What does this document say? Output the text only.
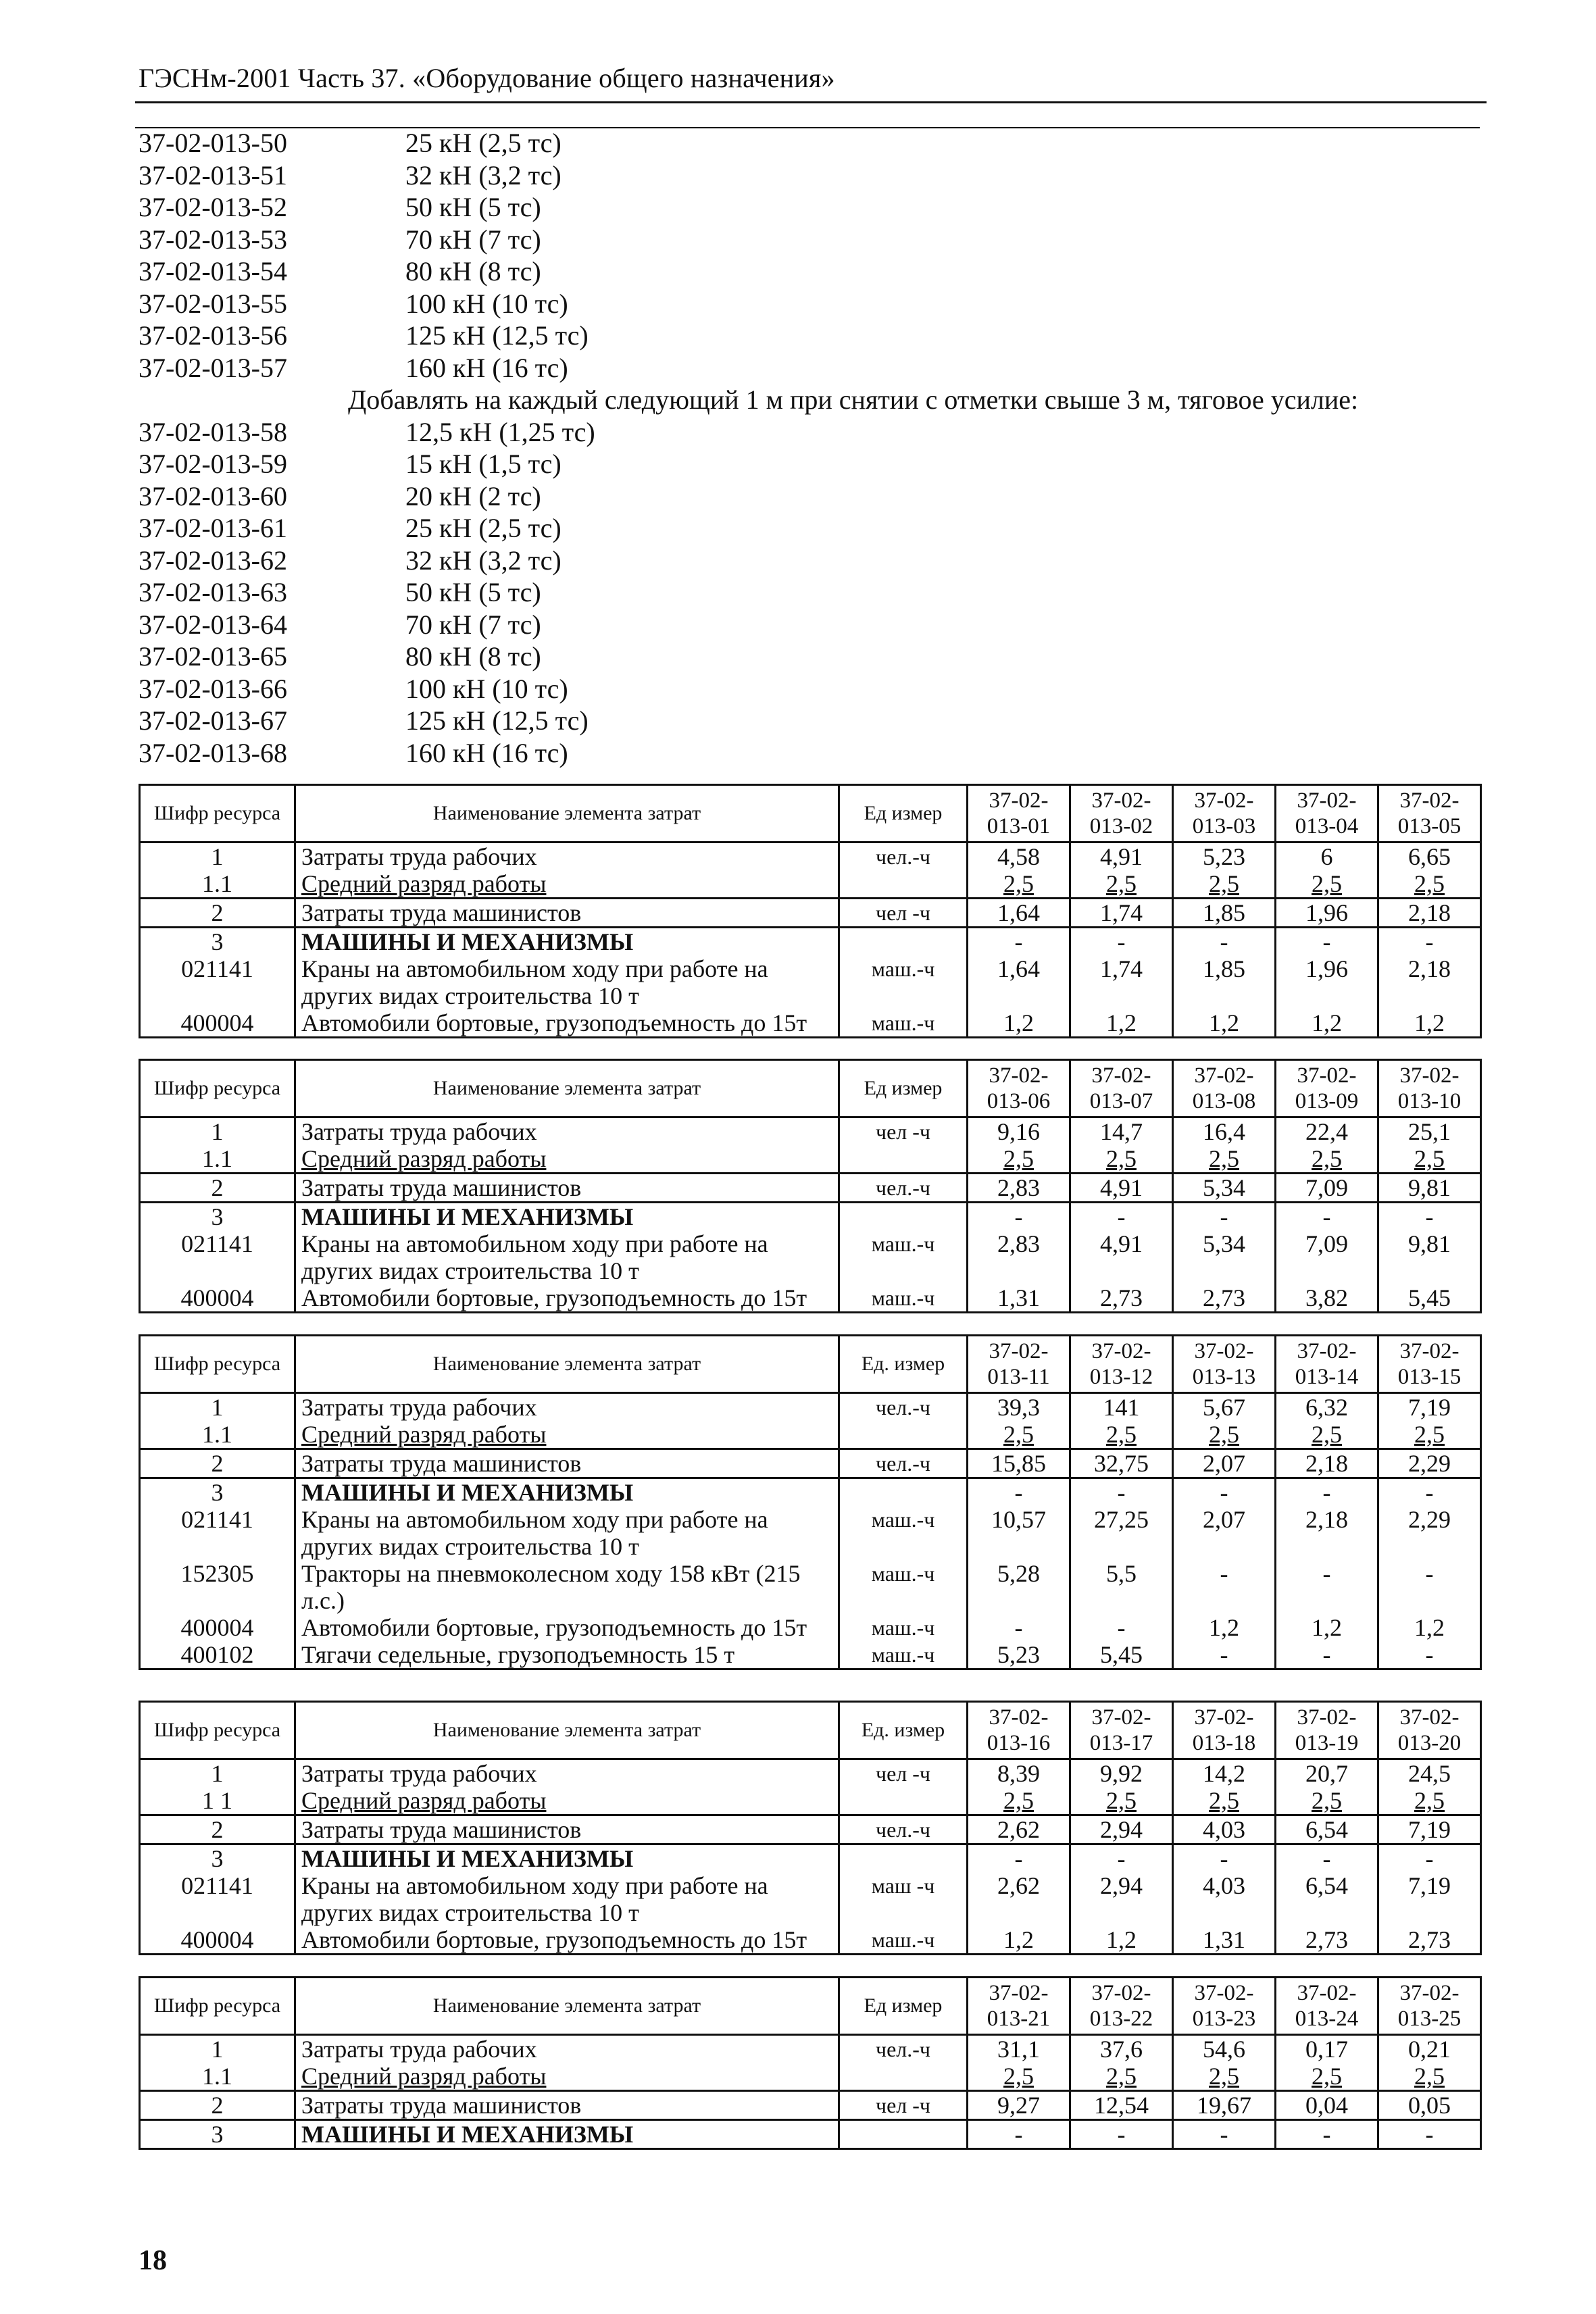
ГЭСНм-2001 Часть 37. «Оборудование общего назначения»
37-02-013-50	25 кН (2,5 тс)
37-02-013-51	32 кН (3,2 тс)
37-02-013-52	50 кН (5 тс)
37-02-013-53	70 кН (7 тс)
37-02-013-54	80 кН (8 тс)
37-02-013-55	100 кН (10 тс)
37-02-013-56	125 кН (12,5 тс)
37-02-013-57	160 кН (16 тс)
Добавлять на каждый следующий 1 м при снятии с отметки свыше 3 м, тяговое усилие:
37-02-013-58	12,5 кН (1,25 тс)
37-02-013-59	15 кН (1,5 тс)
37-02-013-60	20 кН (2 тс)
37-02-013-61	25 кН (2,5 тс)
37-02-013-62	32 кН (3,2 тс)
37-02-013-63	50 кН (5 тс)
37-02-013-64	70 кН (7 тс)
37-02-013-65	80 кН (8 тс)
37-02-013-66	100 кН (10 тс)
37-02-013-67	125 кН (12,5 тс)
37-02-013-68	160 кН (16 тс)
Шифр ресурса	Наименование элемента затрат	Ед измер	37-02-
013-01	37-02-
013-02	37-02-
013-03	37-02-
013-04	37-02-
013-05
1	Затраты труда рабочих	чел.-ч	4,58	4,91	5,23	6	6,65
1.1	Средний разряд работы		2,5	2,5	2,5	2,5	2,5
2	Затраты труда машинистов	чел -ч	1,64	1,74	1,85	1,96	2,18
3	МАШИНЫ И МЕХАНИЗМЫ		-	-	-	-	-
021141	Краны на автомобильном ходу при работе на
других видах строительства 10 т	маш.-ч	1,64	1,74	1,85	1,96	2,18
400004	Автомобили бортовые, грузоподъемность до 15т	маш.-ч	1,2	1,2	1,2	1,2	1,2
Шифр ресурса	Наименование элемента затрат	Ед измер	37-02-
013-06	37-02-
013-07	37-02-
013-08	37-02-
013-09	37-02-
013-10
1	Затраты труда рабочих	чел -ч	9,16	14,7	16,4	22,4	25,1
1.1	Средний разряд работы		2,5	2,5	2,5	2,5	2,5
2	Затраты труда машинистов	чел.-ч	2,83	4,91	5,34	7,09	9,81
3	МАШИНЫ И МЕХАНИЗМЫ		-	-	-	-	-
021141	Краны на автомобильном ходу при работе на
других видах строительства 10 т	маш.-ч	2,83	4,91	5,34	7,09	9,81
400004	Автомобили бортовые, грузоподъемность до 15т	маш.-ч	1,31	2,73	2,73	3,82	5,45
Шифр ресурса	Наименование элемента затрат	Ед. измер	37-02-
013-11	37-02-
013-12	37-02-
013-13	37-02-
013-14	37-02-
013-15
1	Затраты труда рабочих	чел.-ч	39,3	141	5,67	6,32	7,19
1.1	Средний разряд работы		2,5	2,5	2,5	2,5	2,5
2	Затраты труда машинистов	чел.-ч	15,85	32,75	2,07	2,18	2,29
3	МАШИНЫ И МЕХАНИЗМЫ		-	-	-	-	-
021141	Краны на автомобильном ходу при работе на
других видах строительства 10 т	маш.-ч	10,57	27,25	2,07	2,18	2,29
152305	Тракторы на пневмоколесном ходу 158 кВт (215
л.с.)	маш.-ч	5,28	5,5	-	-	-
400004	Автомобили бортовые, грузоподъемность до 15т	маш.-ч	-	-	1,2	1,2	1,2
400102	Тягачи седельные, грузоподъемность 15 т	маш.-ч	5,23	5,45	-	-	-
Шифр ресурса	Наименование элемента затрат	Ед. измер	37-02-
013-16	37-02-
013-17	37-02-
013-18	37-02-
013-19	37-02-
013-20
1	Затраты труда рабочих	чел -ч	8,39	9,92	14,2	20,7	24,5
1 1	Средний разряд работы		2,5	2,5	2,5	2,5	2,5
2	Затраты труда машинистов	чел.-ч	2,62	2,94	4,03	6,54	7,19
3	МАШИНЫ И МЕХАНИЗМЫ		-	-	-	-	-
021141	Краны на автомобильном ходу при работе на
других видах строительства 10 т	маш -ч	2,62	2,94	4,03	6,54	7,19
400004	Автомобили бортовые, грузоподъемность до 15т	маш.-ч	1,2	1,2	1,31	2,73	2,73
Шифр ресурса	Наименование элемента затрат	Ед измер	37-02-
013-21	37-02-
013-22	37-02-
013-23	37-02-
013-24	37-02-
013-25
1	Затраты труда рабочих	чел.-ч	31,1	37,6	54,6	0,17	0,21
1.1	Средний разряд работы		2,5	2,5	2,5	2,5	2,5
2	Затраты труда машинистов	чел -ч	9,27	12,54	19,67	0,04	0,05
3	МАШИНЫ И МЕХАНИЗМЫ		-	-	-	-	-
18
